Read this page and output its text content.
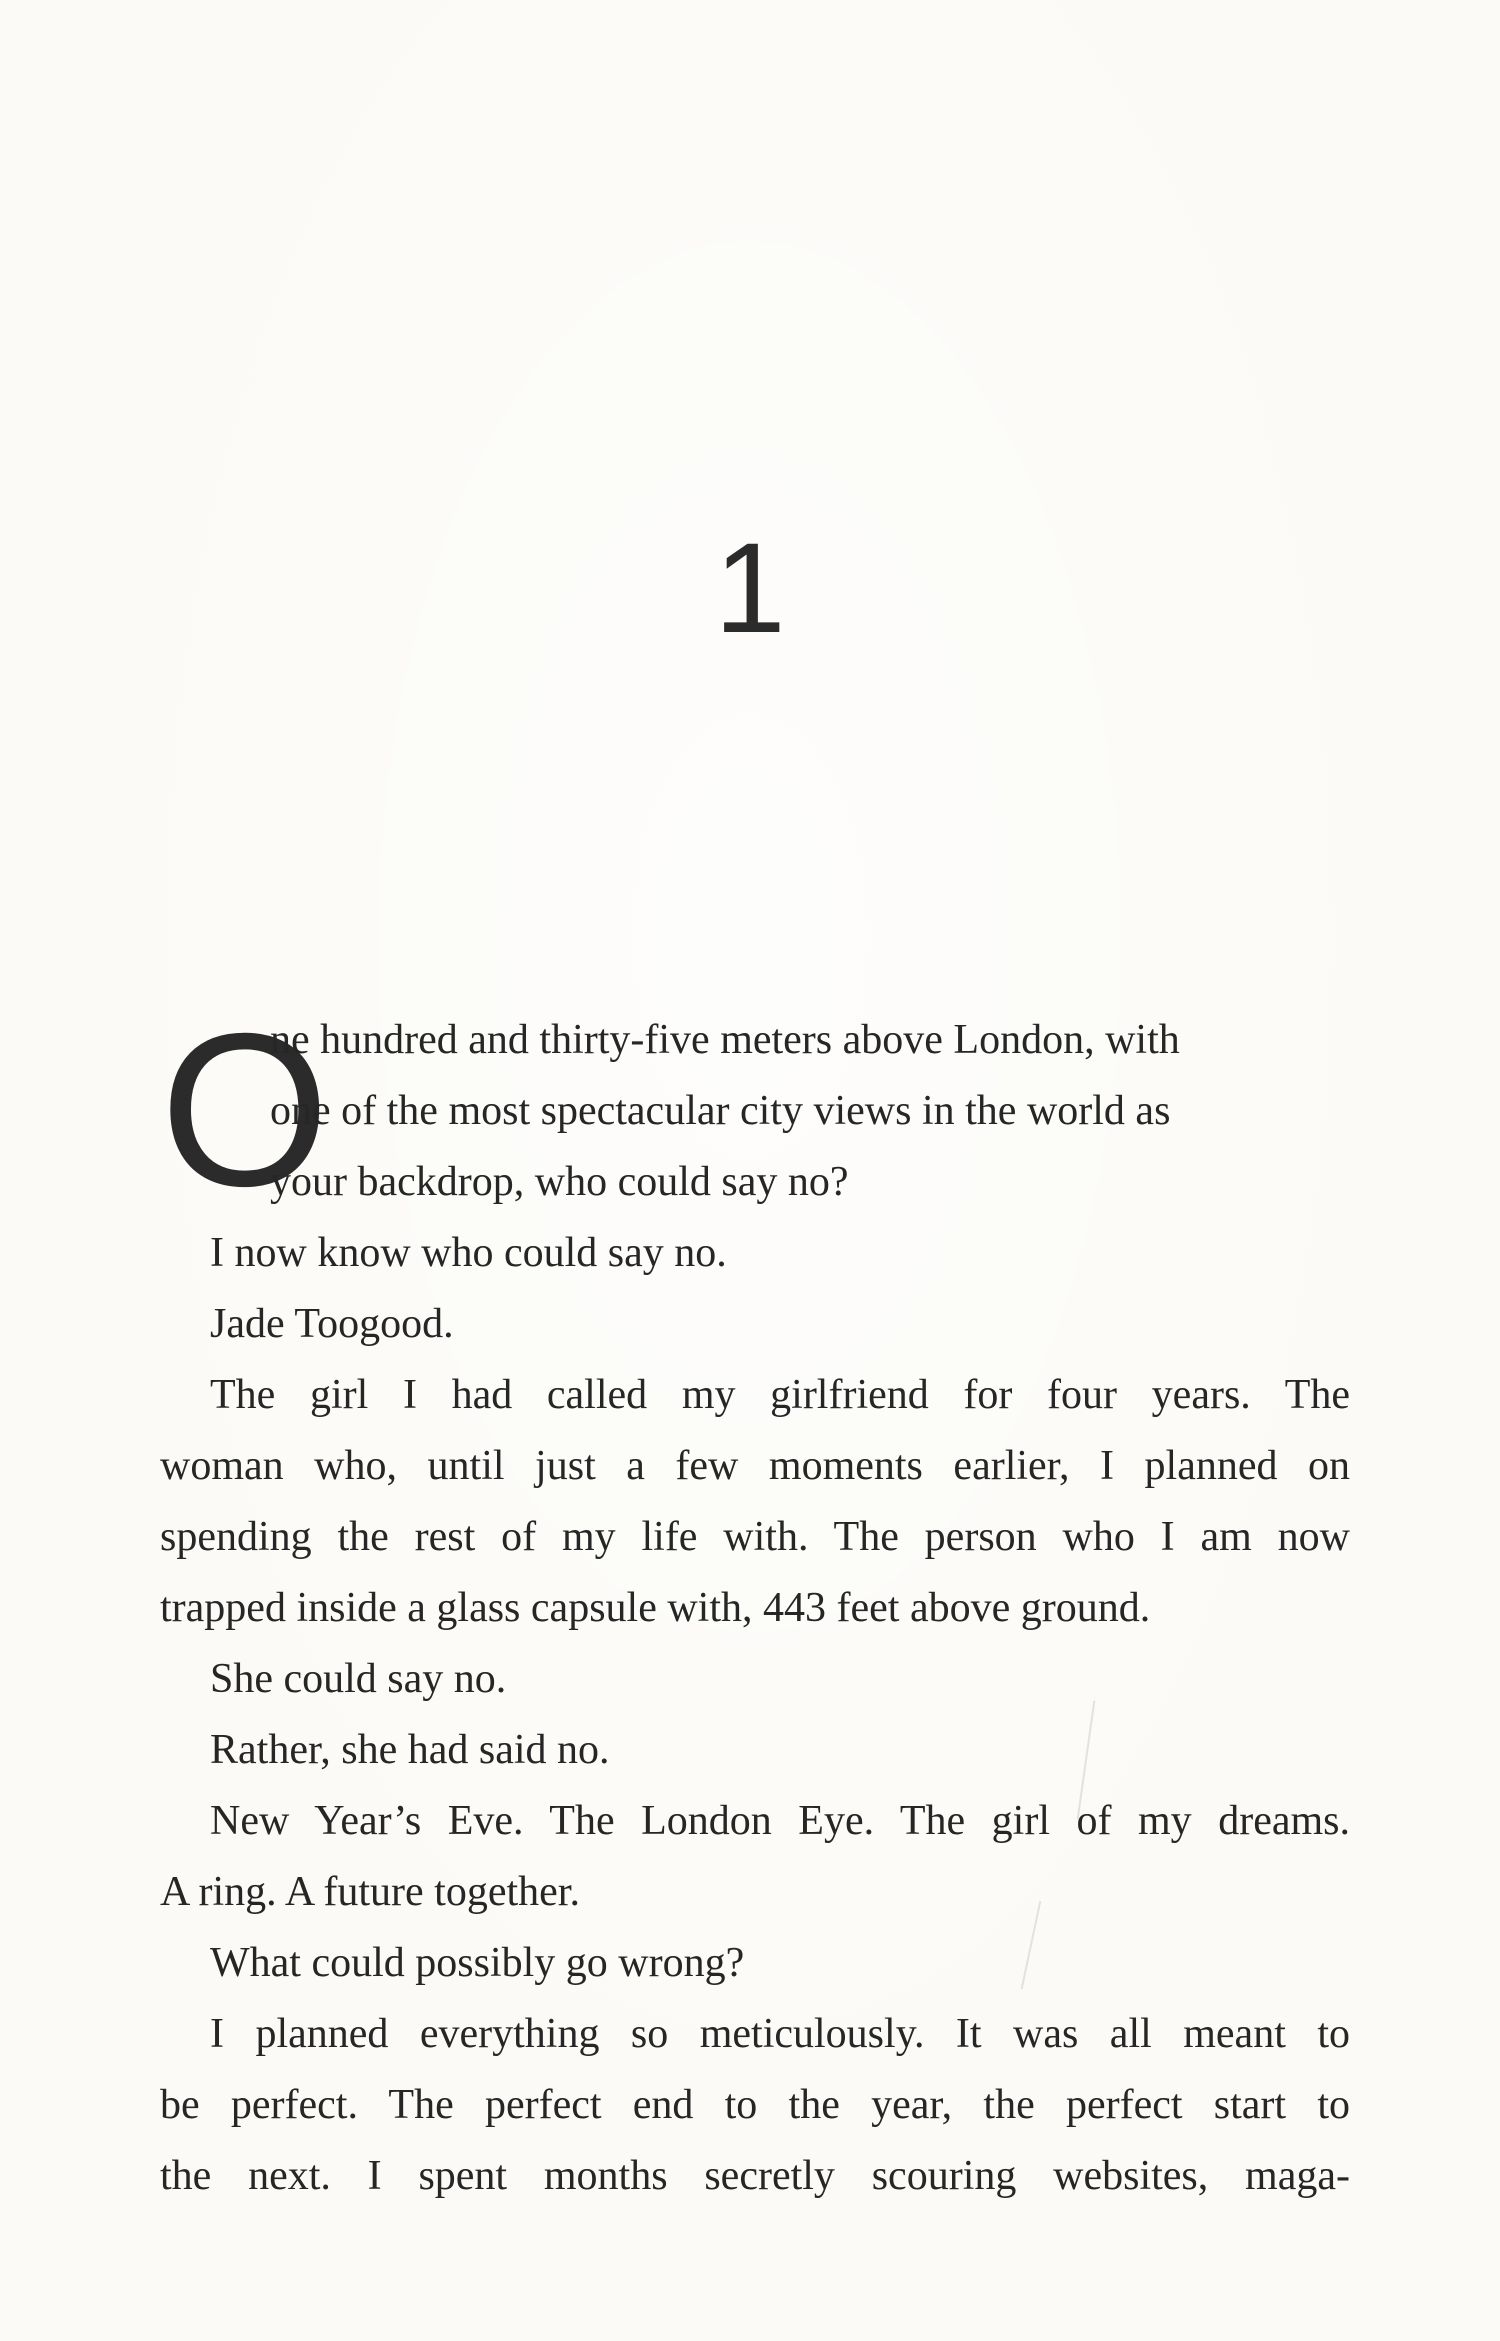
1
O
ne hundred and thirty-five meters above London, with
one of the most spectacular city views in the world as
your backdrop, who could say no?
I now know who could say no.
Jade Toogood.
The girl I had called my girlfriend for four years. The
woman who, until just a few moments earlier, I planned on
spending the rest of my life with. The person who I am now
trapped inside a glass capsule with, 443 feet above ground.
She could say no.
Rather, she had said no.
New Year’s Eve. The London Eye. The girl of my dreams.
A ring. A future together.
What could possibly go wrong?
I planned everything so meticulously. It was all meant to
be perfect. The perfect end to the year, the perfect start to
the next. I spent months secretly scouring websites, maga-
